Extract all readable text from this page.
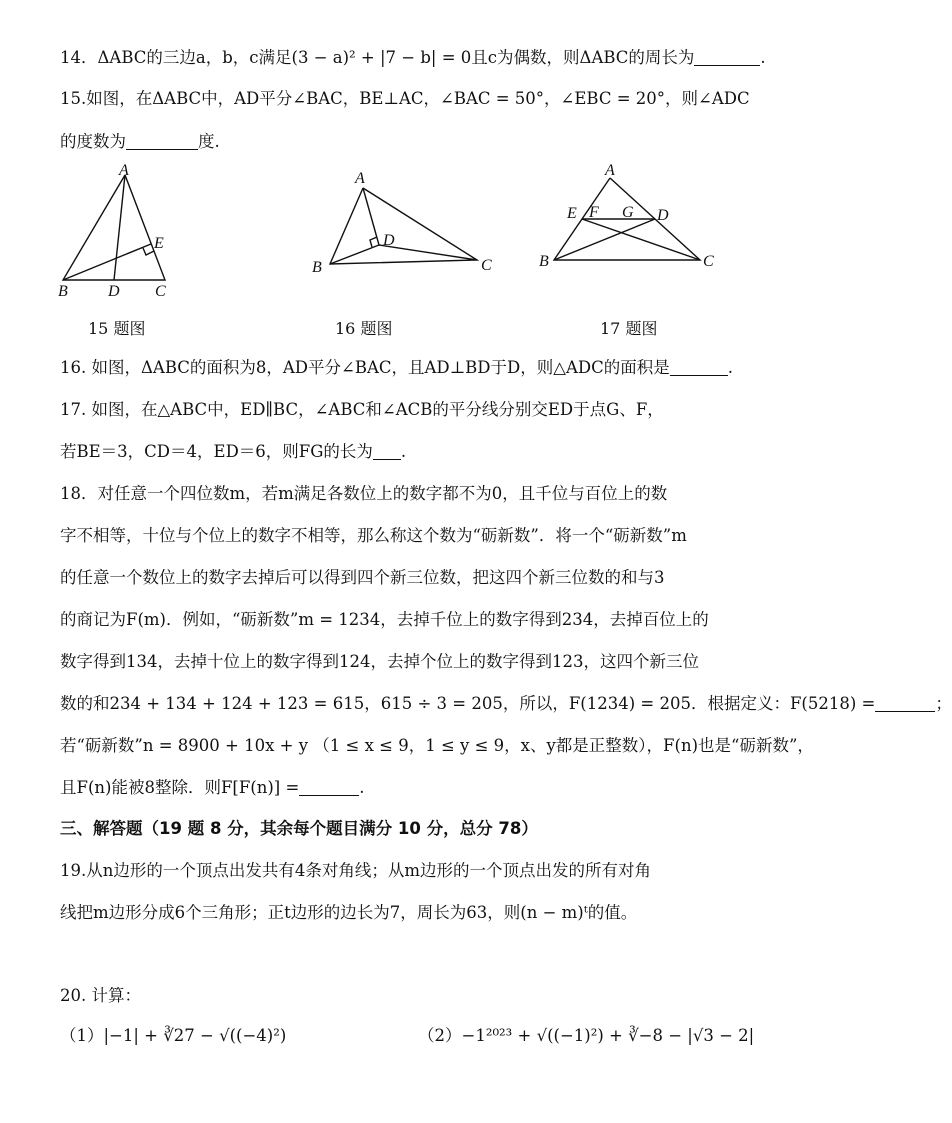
14．ΔABC的三边a，b，c满足(3 − a)² + |7 − b| = 0且c为偶数，则ΔABC的周长为	.
15.如图，在ΔABC中，AD平分∠BAC，BE⊥AC，∠BAC = 50°，∠EBC = 20°，则∠ADC
的度数为	度.
A
B	D C
E
15 题图
A
B	C
D
16 题图
A
E F G D
B	C
17 题图
16. 如图，ΔABC的面积为8，AD平分∠BAC，且AD⊥BD于D，则△ADC的面积是	.
17. 如图，在△ABC中，ED∥BC，∠ABC和∠ACB的平分线分别交ED于点G、F，
若BE＝3，CD＝4，ED＝6，则FG的长为 .
18．对任意一个四位数m，若m满足各数位上的数字都不为0，且千位与百位上的数
字不相等，十位与个位上的数字不相等，那么称这个数为“砺新数”．将一个“砺新数”m
的任意一个数位上的数字去掉后可以得到四个新三位数，把这四个新三位数的和与3
的商记为F(m)．例如，“砺新数”m = 1234，去掉千位上的数字得到234，去掉百位上的
数字得到134，去掉十位上的数字得到124，去掉个位上的数字得到123，这四个新三位
数的和234 + 134 + 124 + 123 = 615，615 ÷ 3 = 205，所以，F(1234) = 205．根据定义：F(5218) =	；
若“砺新数”n = 8900 + 10x + y （1 ≤ x ≤ 9，1 ≤ y ≤ 9，x、y都是正整数），F(n)也是“砺新数”，
且F(n)能被8整除．则F[F(n)] =	.
三、解答题（19 题 8 分，其余每个题目满分 10 分，总分 78）
19.从n边形的一个顶点出发共有4条对角线；从m边形的一个顶点出发的所有对角
线把m边形分成6个三角形；正t边形的边长为7，周长为63，则(n − m)ᵗ的值。
20. 计算：
（1）|−1| + ∛27 − √((−4)²)	（2）−1²⁰²³ + √((−1)²) + ∛−8 − |√3 − 2|
